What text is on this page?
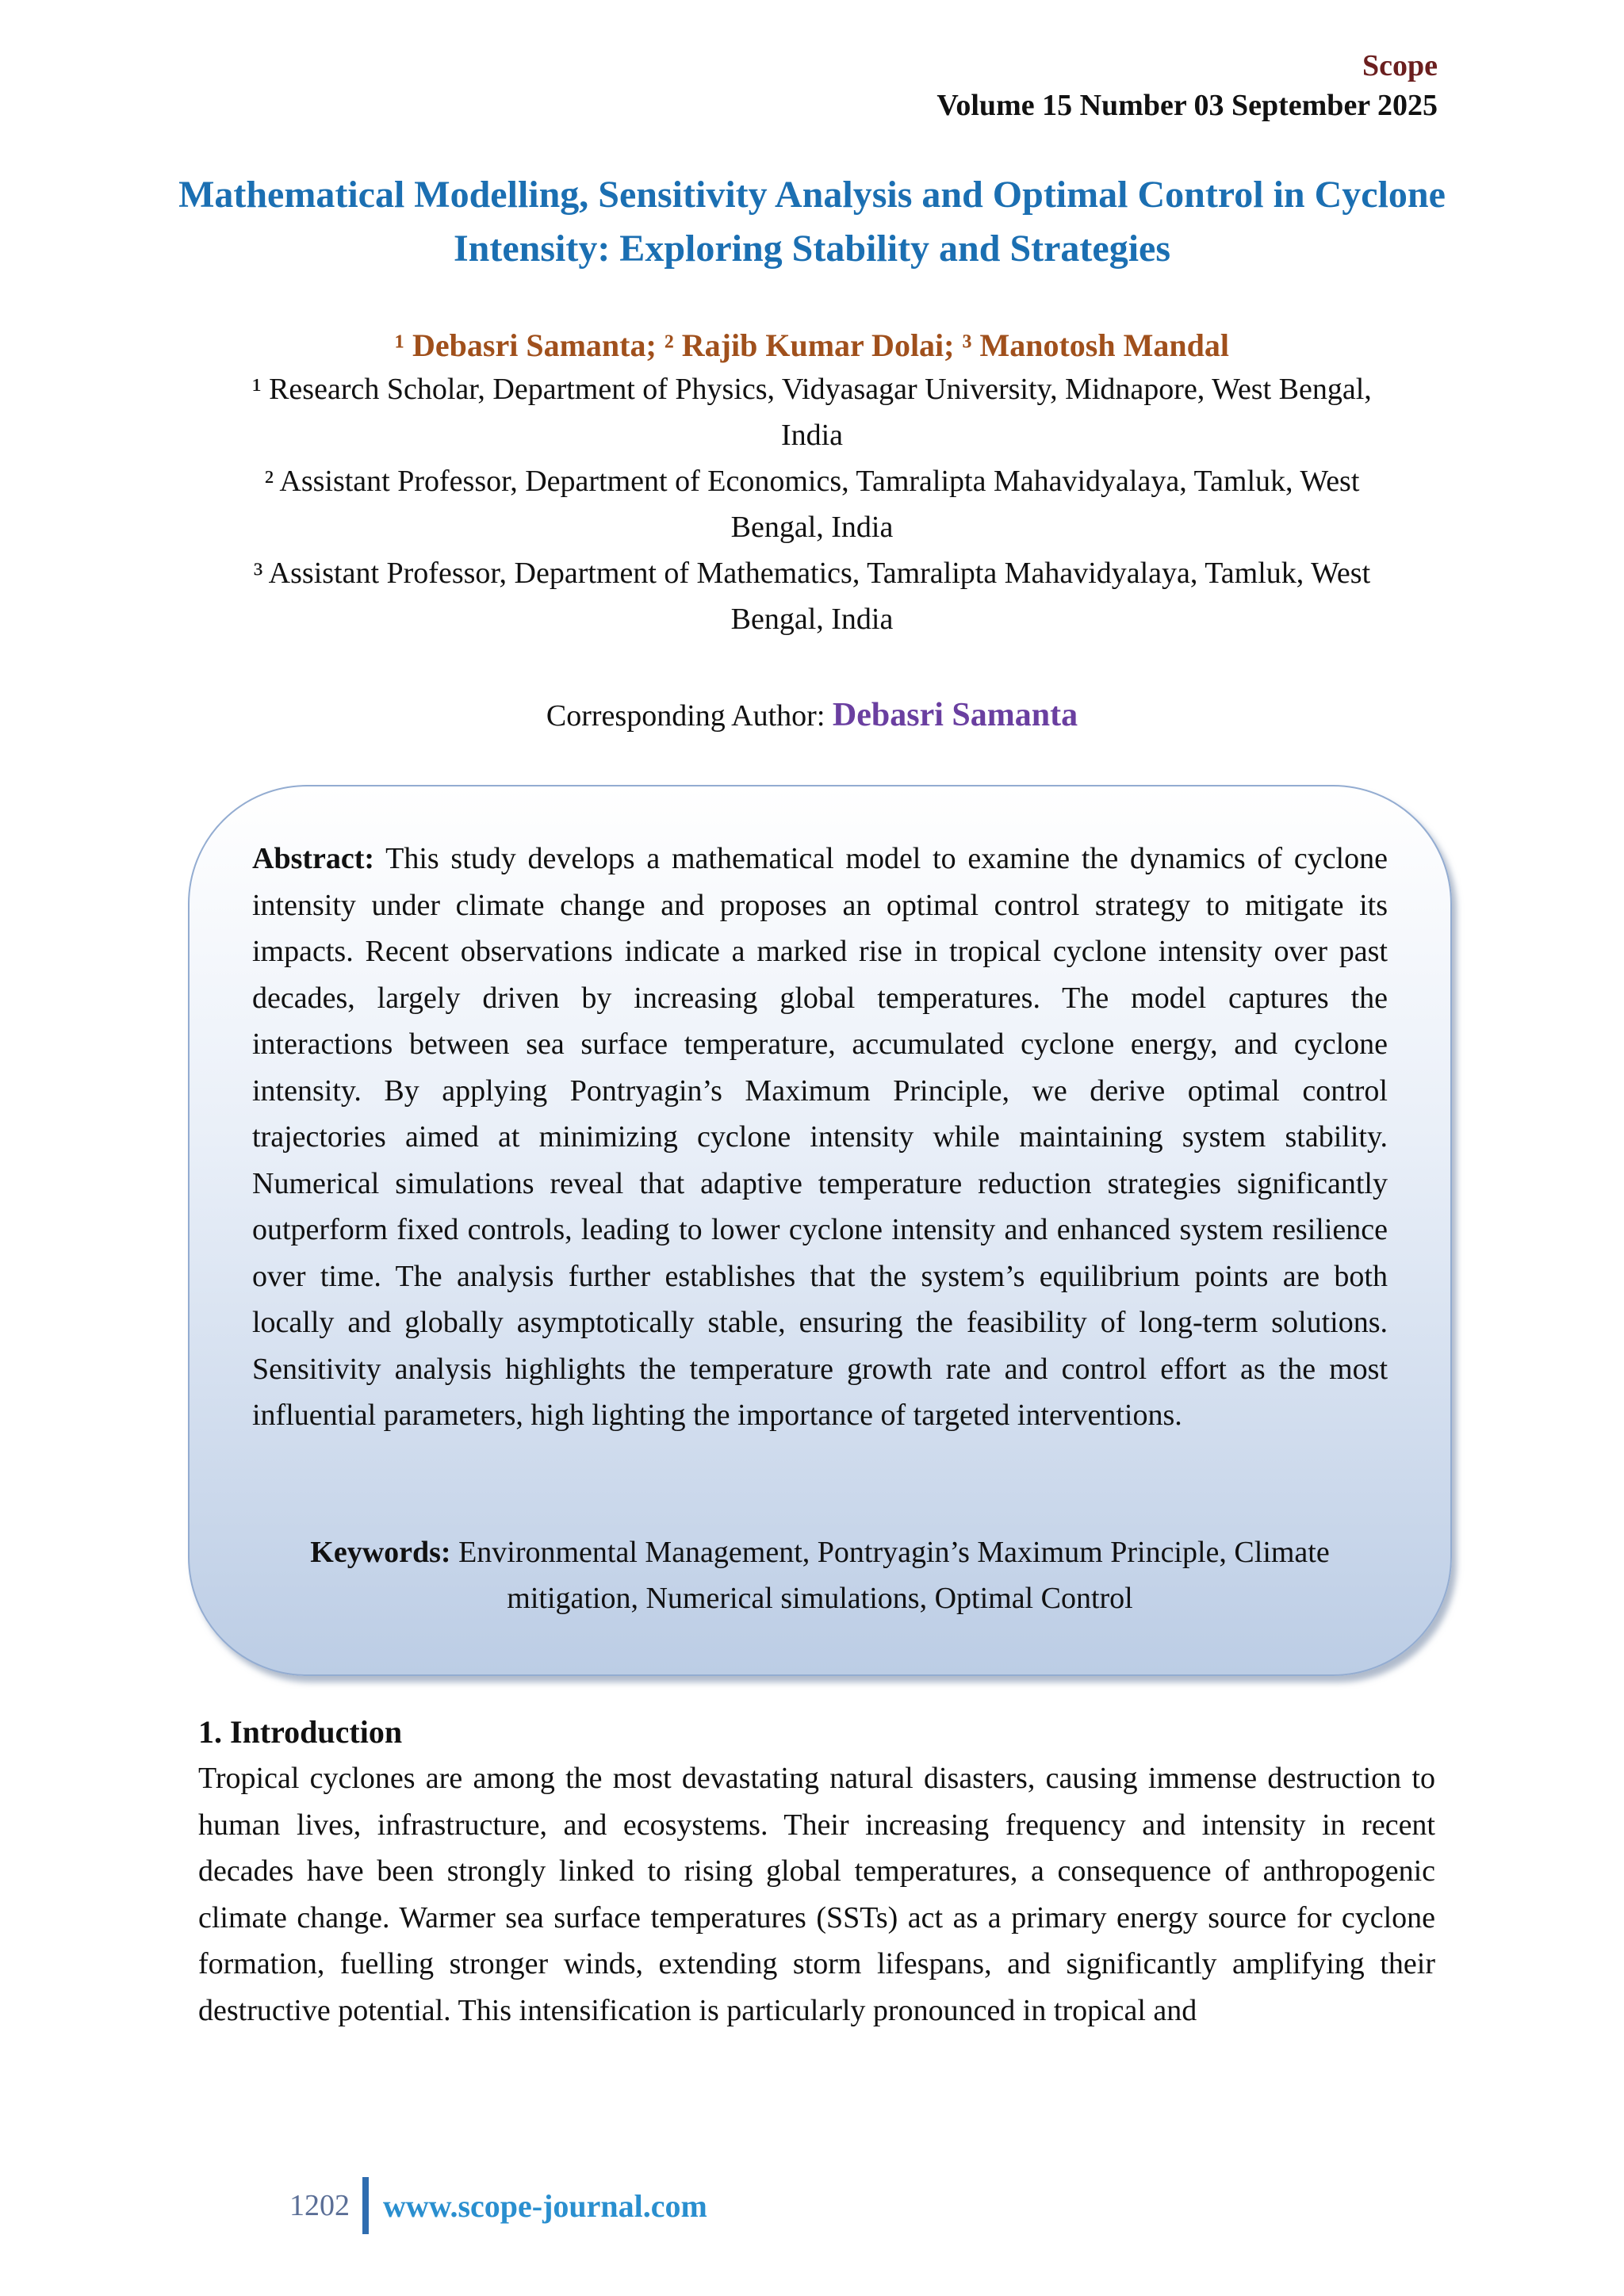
Scope
Volume 15 Number 03 September 2025
Mathematical Modelling, Sensitivity Analysis and Optimal Control in Cyclone Intensity: Exploring Stability and Strategies
¹ Debasri Samanta; ² Rajib Kumar Dolai; ³ Manotosh Mandal
¹ Research Scholar, Department of Physics, Vidyasagar University, Midnapore, West Bengal, India
² Assistant Professor, Department of Economics, Tamralipta Mahavidyalaya, Tamluk, West Bengal, India
³ Assistant Professor, Department of Mathematics, Tamralipta Mahavidyalaya, Tamluk, West Bengal, India
Corresponding Author: Debasri Samanta
Abstract: This study develops a mathematical model to examine the dynamics of cyclone intensity under climate change and proposes an optimal control strategy to mitigate its impacts. Recent observations indicate a marked rise in tropical cyclone intensity over past decades, largely driven by increasing global temperatures. The model captures the interactions between sea surface temperature, accumulated cyclone energy, and cyclone intensity. By applying Pontryagin’s Maximum Principle, we derive optimal control trajectories aimed at minimizing cyclone intensity while maintaining system stability. Numerical simulations reveal that adaptive temperature reduction strategies significantly outperform fixed controls, leading to lower cyclone intensity and enhanced system resilience over time. The analysis further establishes that the system’s equilibrium points are both locally and globally asymptotically stable, ensuring the feasibility of long-term solutions. Sensitivity analysis highlights the temperature growth rate and control effort as the most influential parameters, high lighting the importance of targeted interventions.
Keywords: Environmental Management, Pontryagin’s Maximum Principle, Climate mitigation, Numerical simulations, Optimal Control
1. Introduction
Tropical cyclones are among the most devastating natural disasters, causing immense destruction to human lives, infrastructure, and ecosystems. Their increasing frequency and intensity in recent decades have been strongly linked to rising global temperatures, a consequence of anthropogenic climate change. Warmer sea surface temperatures (SSTs) act as a primary energy source for cyclone formation, fuelling stronger winds, extending storm lifespans, and significantly amplifying their destructive potential. This intensification is particularly pronounced in tropical and
1202 www.scope-journal.com
